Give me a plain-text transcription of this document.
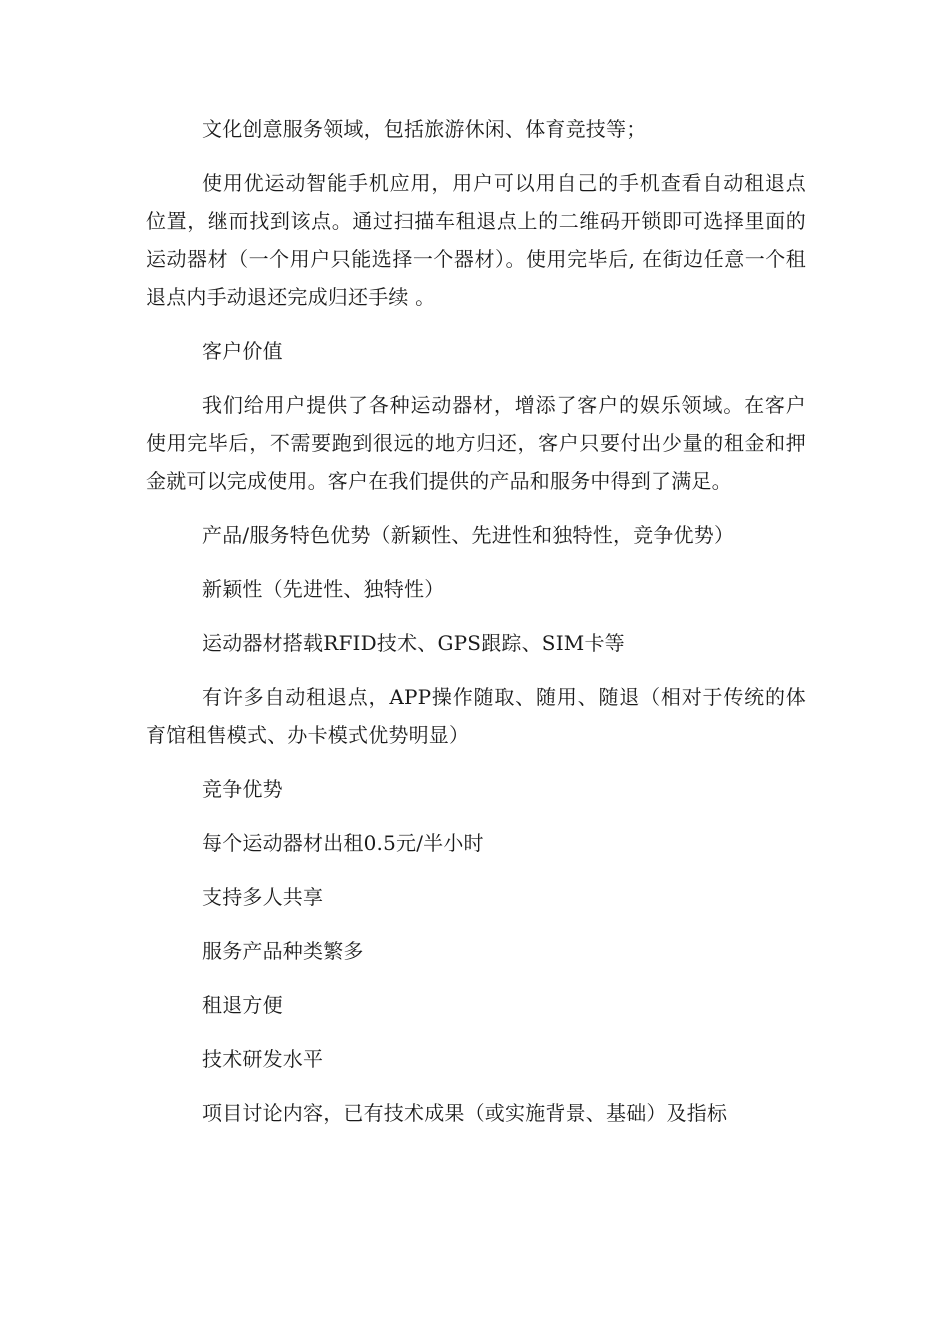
文化创意服务领域，包括旅游休闲、体育竞技等；

使用优运动智能手机应用，用户可以用自己的手机查看自动租退点位置，继而找到该点。通过扫描车租退点上的二维码开锁即可选择里面的运动器材（一个用户只能选择一个器材）。使用完毕后, 在街边任意一个租退点内手动退还完成归还手续 。

客户价值

我们给用户提供了各种运动器材，增添了客户的娱乐领域。在客户使用完毕后，不需要跑到很远的地方归还，客户只要付出少量的租金和押金就可以完成使用。客户在我们提供的产品和服务中得到了满足。

产品/服务特色优势（新颖性、先进性和独特性，竞争优势）

新颖性（先进性、独特性）

运动器材搭载RFID技术、GPS跟踪、SIM卡等

有许多自动租退点，APP操作随取、随用、随退（相对于传统的体育馆租售模式、办卡模式优势明显）

竞争优势

每个运动器材出租0.5元/半小时

支持多人共享

服务产品种类繁多

租退方便

技术研发水平

项目讨论内容，已有技术成果（或实施背景、基础）及指标
